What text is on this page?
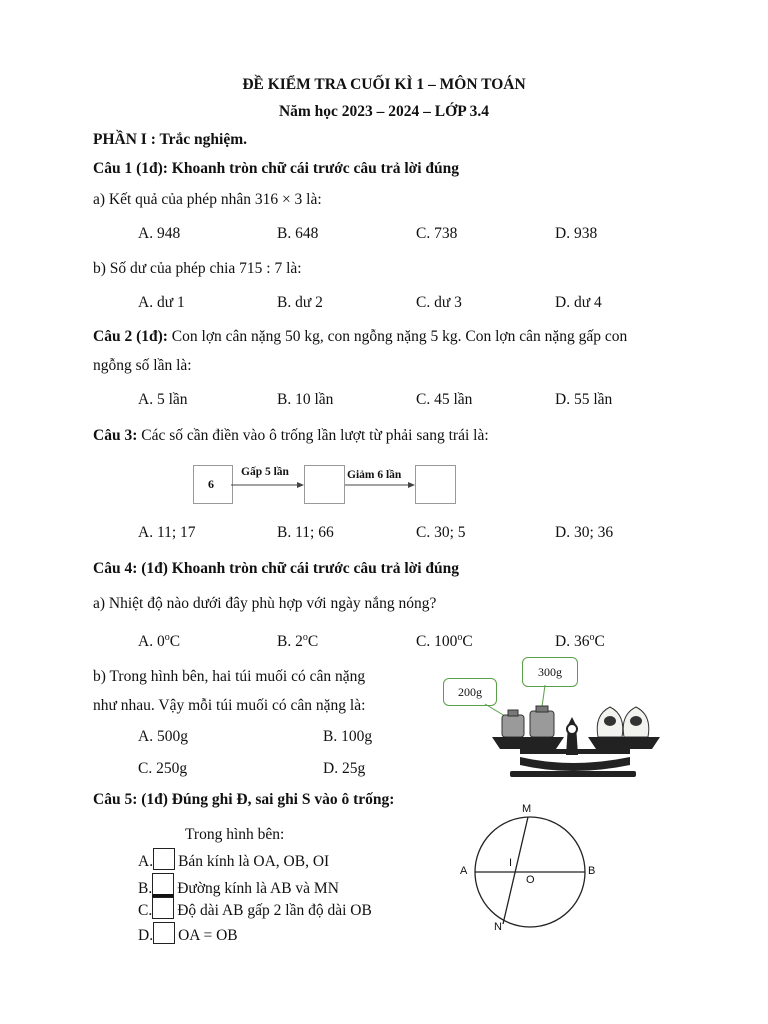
ĐỀ KIỂM TRA CUỐI KÌ 1 – MÔN TOÁN
Năm học 2023 – 2024 – LỚP 3.4
PHẦN I : Trắc nghiệm.
Câu 1 (1đ): Khoanh tròn chữ cái trước câu trả lời đúng
a) Kết quả của phép nhân 316 × 3 là:
A. 948	B. 648	C. 738	D. 938
b) Số dư của phép chia 715 : 7 là:
A. dư 1	B. dư 2	C. dư 3	D. dư 4
Câu 2 (1đ): Con lợn cân nặng 50 kg, con ngỗng nặng 5 kg. Con lợn cân nặng gấp con
ngỗng số lần là:
A. 5 lần	B. 10 lần	C. 45 lần	D. 55 lần
Câu 3: Các số cần điền vào ô trống lần lượt từ phải sang trái là:
6
Gấp 5 lần	Giảm 6 lần
A. 11; 17	B. 11; 66	C. 30; 5	D. 30; 36
Câu 4: (1đ) Khoanh tròn chữ cái trước câu trả lời đúng
a) Nhiệt độ nào dưới đây phù hợp với ngày nắng nóng?
A. 0$^o$C	B. 2$^o$C	C. 100$^o$C	D. 36$^o$C
b) Trong hình bên, hai túi muối có cân nặng
như nhau. Vậy mỗi túi muối có cân nặng là:
A. 500g	B. 100g
C. 250g	D. 25g
200g
300g
Câu 5: (1đ) Đúng ghi Đ, sai ghi S vào ô trống:
Trong hình bên:
A. Bán kính là OA, OB, OI
B. Đường kính là AB và MN
C. Độ dài AB gấp 2 lần độ dài OB
D. OA = OB
M
N
A	B
O
I
